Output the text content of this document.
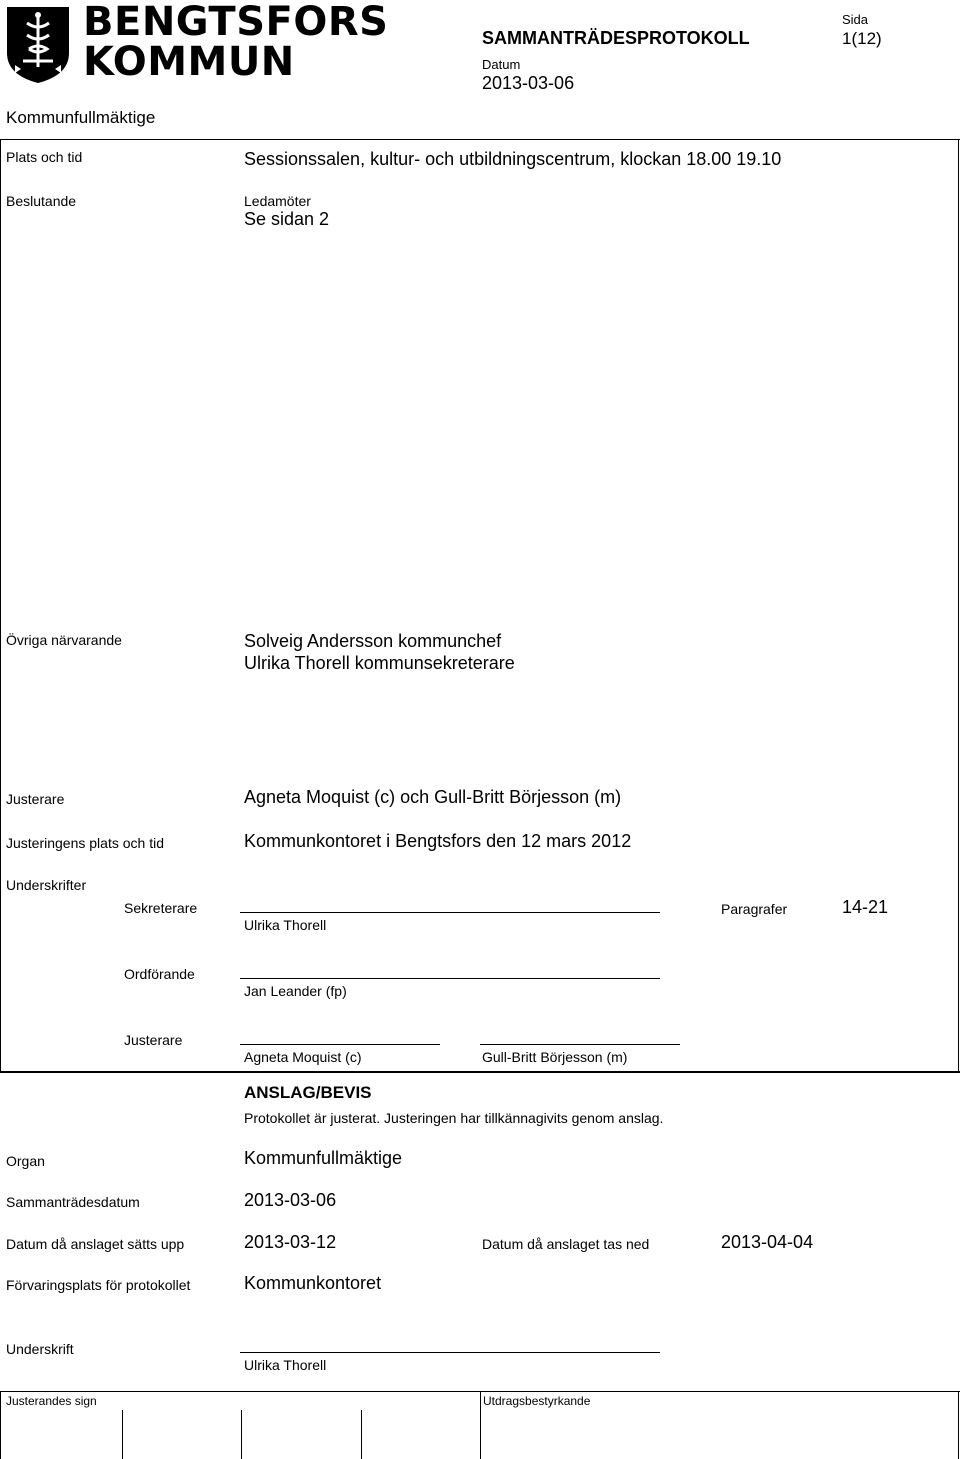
BENGTSFORS
KOMMUN
SAMMANTRÄDESPROTOKOLL
Datum
2013-03-06
Sida
1(12)
Kommunfullmäktige
Plats och tid	Sessionssalen, kultur- och utbildningscentrum, klockan 18.00 19.10
Beslutande	Ledamöter
Se sidan 2
Övriga närvarande	Solveig Andersson kommunchef
Ulrika Thorell kommunsekreterare
Justerare	Agneta Moquist (c) och Gull-Britt Börjesson (m)
Justeringens plats och tid	Kommunkontoret i Bengtsfors den 12 mars 2012
Underskrifter
Sekreterare
Ulrika Thorell
Paragrafer	14-21
Ordförande
Jan Leander (fp)
Justerare
Agneta Moquist (c)	Gull-Britt Börjesson (m)
ANSLAG/BEVIS
Protokollet är justerat. Justeringen har tillkännagivits genom anslag.
Organ	Kommunfullmäktige
Sammanträdesdatum	2013-03-06
Datum då anslaget sätts upp	2013-03-12	Datum då anslaget tas ned	2013-04-04
Förvaringsplats för protokollet	Kommunkontoret
Underskrift
Ulrika Thorell
Justerandes sign	Utdragsbestyrkande
